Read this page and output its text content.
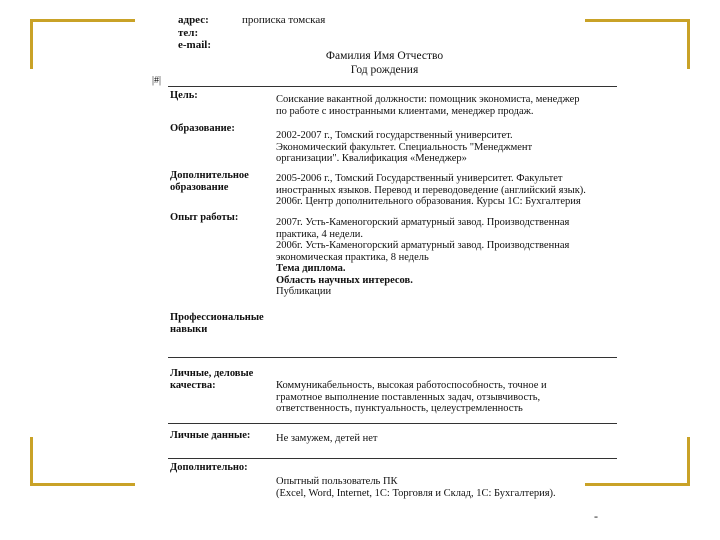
адрес:	прописка томская
тел:
e-mail:
Фамилия Имя Отчество
Год рождения
|#|
Цель:	Соискание вакантной должности: помощник экономиста, менеджер
по работе с иностранными клиентами, менеджер продаж.
Образование:
2002-2007 г., Томский государственный университет.
Экономический факультет. Специальность "Менеджмент
организации". Квалификация «Менеджер»
Дополнительное образование
2005-2006 г., Томский Государственный университет. Факультет
иностранных языков. Перевод и переводоведение (английский язык).
2006г. Центр дополнительного образования. Курсы 1С: Бухгалтерия
Опыт работы:	2007г. Усть-Каменогорский арматурный завод. Производственная
практика, 4 недели.
2006г. Усть-Каменогорский арматурный завод. Производственная
экономическая практика, 8 недель
Тема диплома.
Область научных интересов.
Публикации
Профессиональные навыки
Личные, деловые качества:	Коммуникабельность, высокая работоспособность, точное и
грамотное выполнение поставленных задач, отзывчивость,
ответственность, пунктуальность, целеустремленность
Личные данные: Не замужем, детей нет
Дополнительно:
Опытный пользователь ПК
(Excel, Word, Internet, 1С: Торговля и Склад, 1С: Бухгалтерия).
-
